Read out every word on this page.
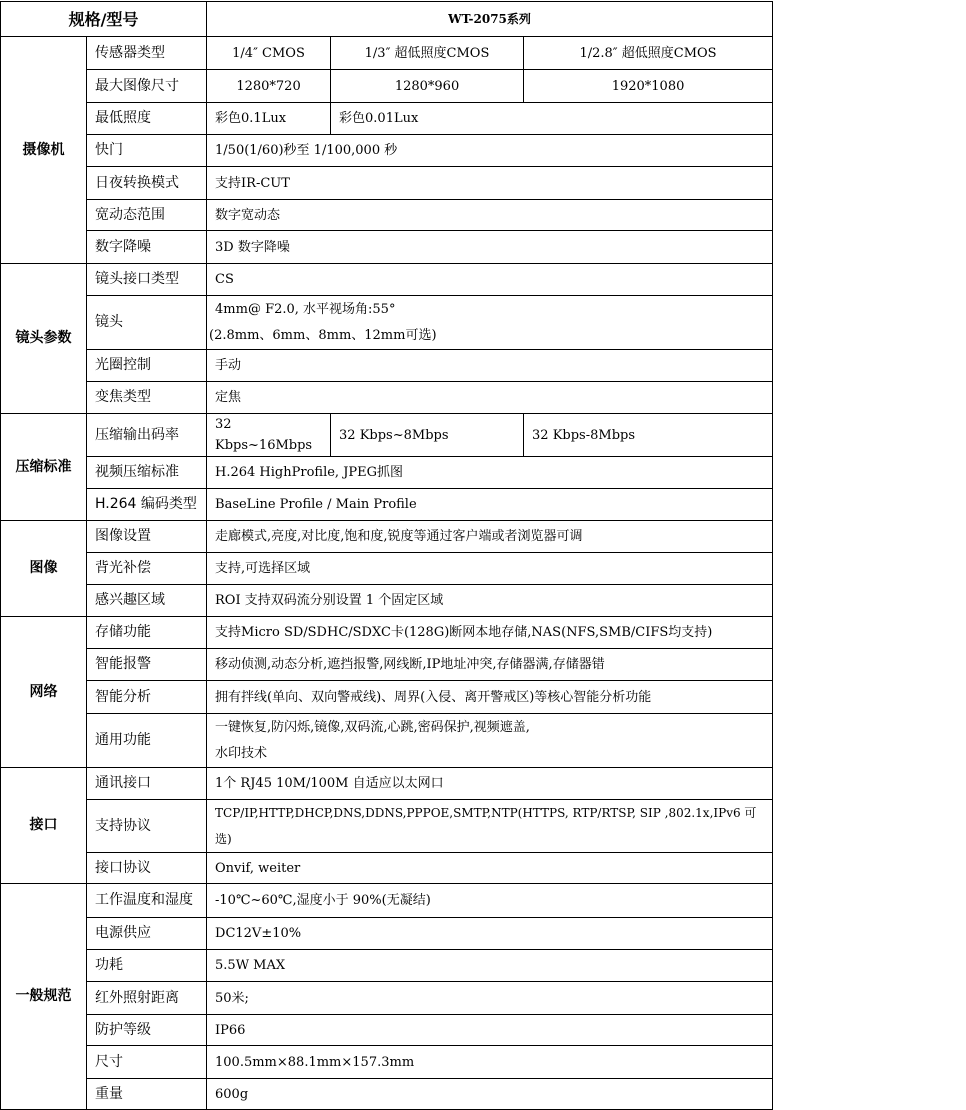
规格/型号		WT-2075系列		
摄像机	传感器类型	1/4″ CMOS	1/3″ 超低照度CMOS	1/2.8″ 超低照度CMOS
	最大图像尺寸	1280*720	1280*960	1920*1080
	最低照度	彩色0.1Lux	彩色0.01Lux	
	快门	1/50(1/60)秒至 1/100,000 秒		
	日夜转换模式	支持IR-CUT		
	宽动态范围	数字宽动态		
	数字降噪	3D 数字降噪		
镜头参数	镜头接口类型	CS		
	镜头	4mm@ F2.0, 水平视场角:55°
(2.8mm、6mm、8mm、12mm可选)		

	光圈控制	手动		
	变焦类型	定焦		
压缩标准	压缩输出码率	32 Kbps~16Mbps	32 Kbps~8Mbps	32 Kbps-8Mbps
	视频压缩标准	H.264 HighProfile, JPEG抓图		
	H.264 编码类型	BaseLine Profile / Main Profile		
图像	图像设置	走廊模式,亮度,对比度,饱和度,锐度等通过客户端或者浏览器可调		
	背光补偿	支持,可选择区域		
	感兴趣区域	ROI 支持双码流分别设置 1 个固定区域		
网络	存储功能	支持Micro SD/SDHC/SDXC卡(128G)断网本地存储,NAS(NFS,SMB/CIFS均支持)		
	智能报警	移动侦测,动态分析,遮挡报警,网线断,IP地址冲突,存储器满,存储器错		
	智能分析	拥有拌线(单向、双向警戒线)、周界(入侵、离开警戒区)等核心智能分析功能		
	通用功能	一键恢复,防闪烁,镜像,双码流,心跳,密码保护,视频遮盖,
水印技术		

接口	通讯接口	1个 RJ45 10M/100M 自适应以太网口		
	支持协议	TCP/IP,HTTP,DHCP,DNS,DDNS,PPPOE,SMTP,NTP(HTTPS, RTP/RTSP, SIP ,802.1x,IPv6 可
选)		

	接口协议	Onvif, weiter		
一般规范	工作温度和湿度	-10℃~60℃,湿度小于 90%(无凝结)		
	电源供应	DC12V±10%		
	功耗	5.5W MAX		
	红外照射距离	50米;		
	防护等级	IP66		
	尺寸	100.5mm×88.1mm×157.3mm		
	重量	600g		
